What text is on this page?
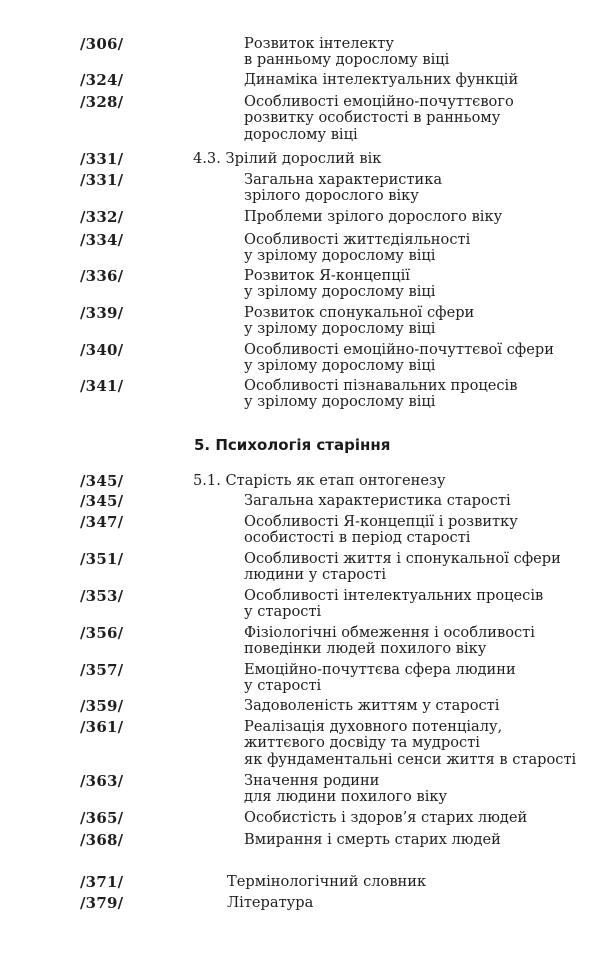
5. Психологія старіння
/306/	Розвиток інтелекту
в ранньому дорослому віці
/324/	Динаміка інтелектуальних функцій
/328/	Особливості емоційно-почуттєвого
розвитку особистості в ранньому
дорослому віці
/331/	4.3. Зрілий дорослий вік
/331/	Загальна характеристика
зрілого дорослого віку
/332/	Проблеми зрілого дорослого віку
/334/	Особливості життєдіяльності
у зрілому дорослому віці
/336/	Розвиток Я-концепції
у зрілому дорослому віці
/339/	Розвиток спонукальної сфери
у зрілому дорослому віці
/340/	Особливості емоційно-почуттєвої сфери
у зрілому дорослому віці
/341/	Особливості пізнавальних процесів
у зрілому дорослому віці
/345/	5.1. Старість як етап онтогенезу
/345/	Загальна характеристика старості
/347/	Особливості Я-концепції і розвитку
особистості в період старості
/351/	Особливості життя і спонукальної сфери
людини у старості
/353/	Особливості інтелектуальних процесів
у старості
/356/	Фізіологічні обмеження і особливості
поведінки людей похилого віку
/357/	Емоційно-почуттєва сфера людини
у старості
/359/	Задоволеність життям у старості
/361/	Реалізація духовного потенціалу,
життєвого досвіду та мудрості
як фундаментальні сенси життя в старості
/363/	Значення родини
для людини похилого віку
/365/	Особистість і здоров’я старих людей
/368/	Вмирання і смерть старих людей
/371/	Термінологічний словник
/379/	Література
